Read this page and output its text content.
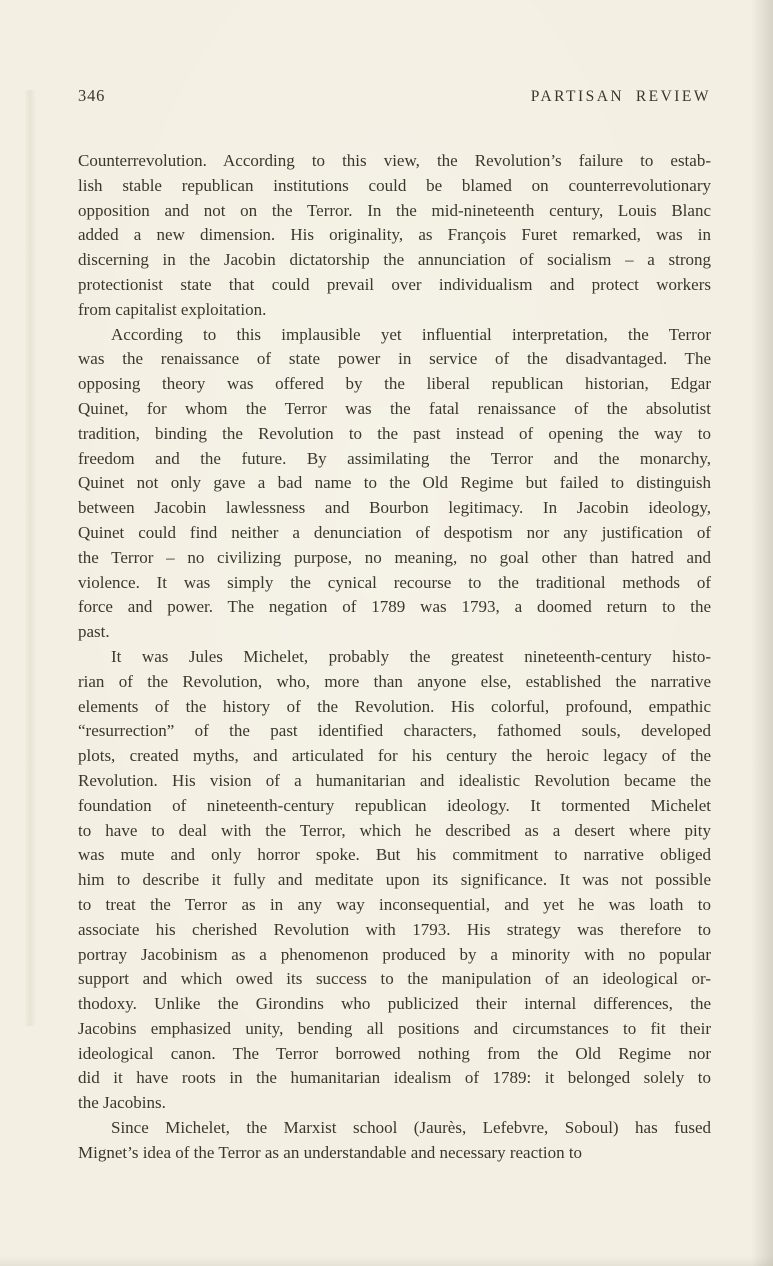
346	PARTISAN REVIEW
Counterrevolution. According to this view, the Revolution’s failure to estab-
lish stable republican institutions could be blamed on counterrevolutionary
opposition and not on the Terror. In the mid-nineteenth century, Louis Blanc
added a new dimension. His originality, as François Furet remarked, was in
discerning in the Jacobin dictatorship the annunciation of socialism – a strong
protectionist state that could prevail over individualism and protect workers
from capitalist exploitation.
According to this implausible yet influential interpretation, the Terror
was the renaissance of state power in service of the disadvantaged. The
opposing theory was offered by the liberal republican historian, Edgar
Quinet, for whom the Terror was the fatal renaissance of the absolutist
tradition, binding the Revolution to the past instead of opening the way to
freedom and the future. By assimilating the Terror and the monarchy,
Quinet not only gave a bad name to the Old Regime but failed to distinguish
between Jacobin lawlessness and Bourbon legitimacy. In Jacobin ideology,
Quinet could find neither a denunciation of despotism nor any justification of
the Terror – no civilizing purpose, no meaning, no goal other than hatred and
violence. It was simply the cynical recourse to the traditional methods of
force and power. The negation of 1789 was 1793, a doomed return to the
past.
It was Jules Michelet, probably the greatest nineteenth-century histo-
rian of the Revolution, who, more than anyone else, established the narrative
elements of the history of the Revolution. His colorful, profound, empathic
“resurrection” of the past identified characters, fathomed souls, developed
plots, created myths, and articulated for his century the heroic legacy of the
Revolution. His vision of a humanitarian and idealistic Revolution became the
foundation of nineteenth-century republican ideology. It tormented Michelet
to have to deal with the Terror, which he described as a desert where pity
was mute and only horror spoke. But his commitment to narrative obliged
him to describe it fully and meditate upon its significance. It was not possible
to treat the Terror as in any way inconsequential, and yet he was loath to
associate his cherished Revolution with 1793. His strategy was therefore to
portray Jacobinism as a phenomenon produced by a minority with no popular
support and which owed its success to the manipulation of an ideological or-
thodoxy. Unlike the Girondins who publicized their internal differences, the
Jacobins emphasized unity, bending all positions and circumstances to fit their
ideological canon. The Terror borrowed nothing from the Old Regime nor
did it have roots in the humanitarian idealism of 1789: it belonged solely to
the Jacobins.
Since Michelet, the Marxist school (Jaurès, Lefebvre, Soboul) has fused
Mignet’s idea of the Terror as an understandable and necessary reaction to
